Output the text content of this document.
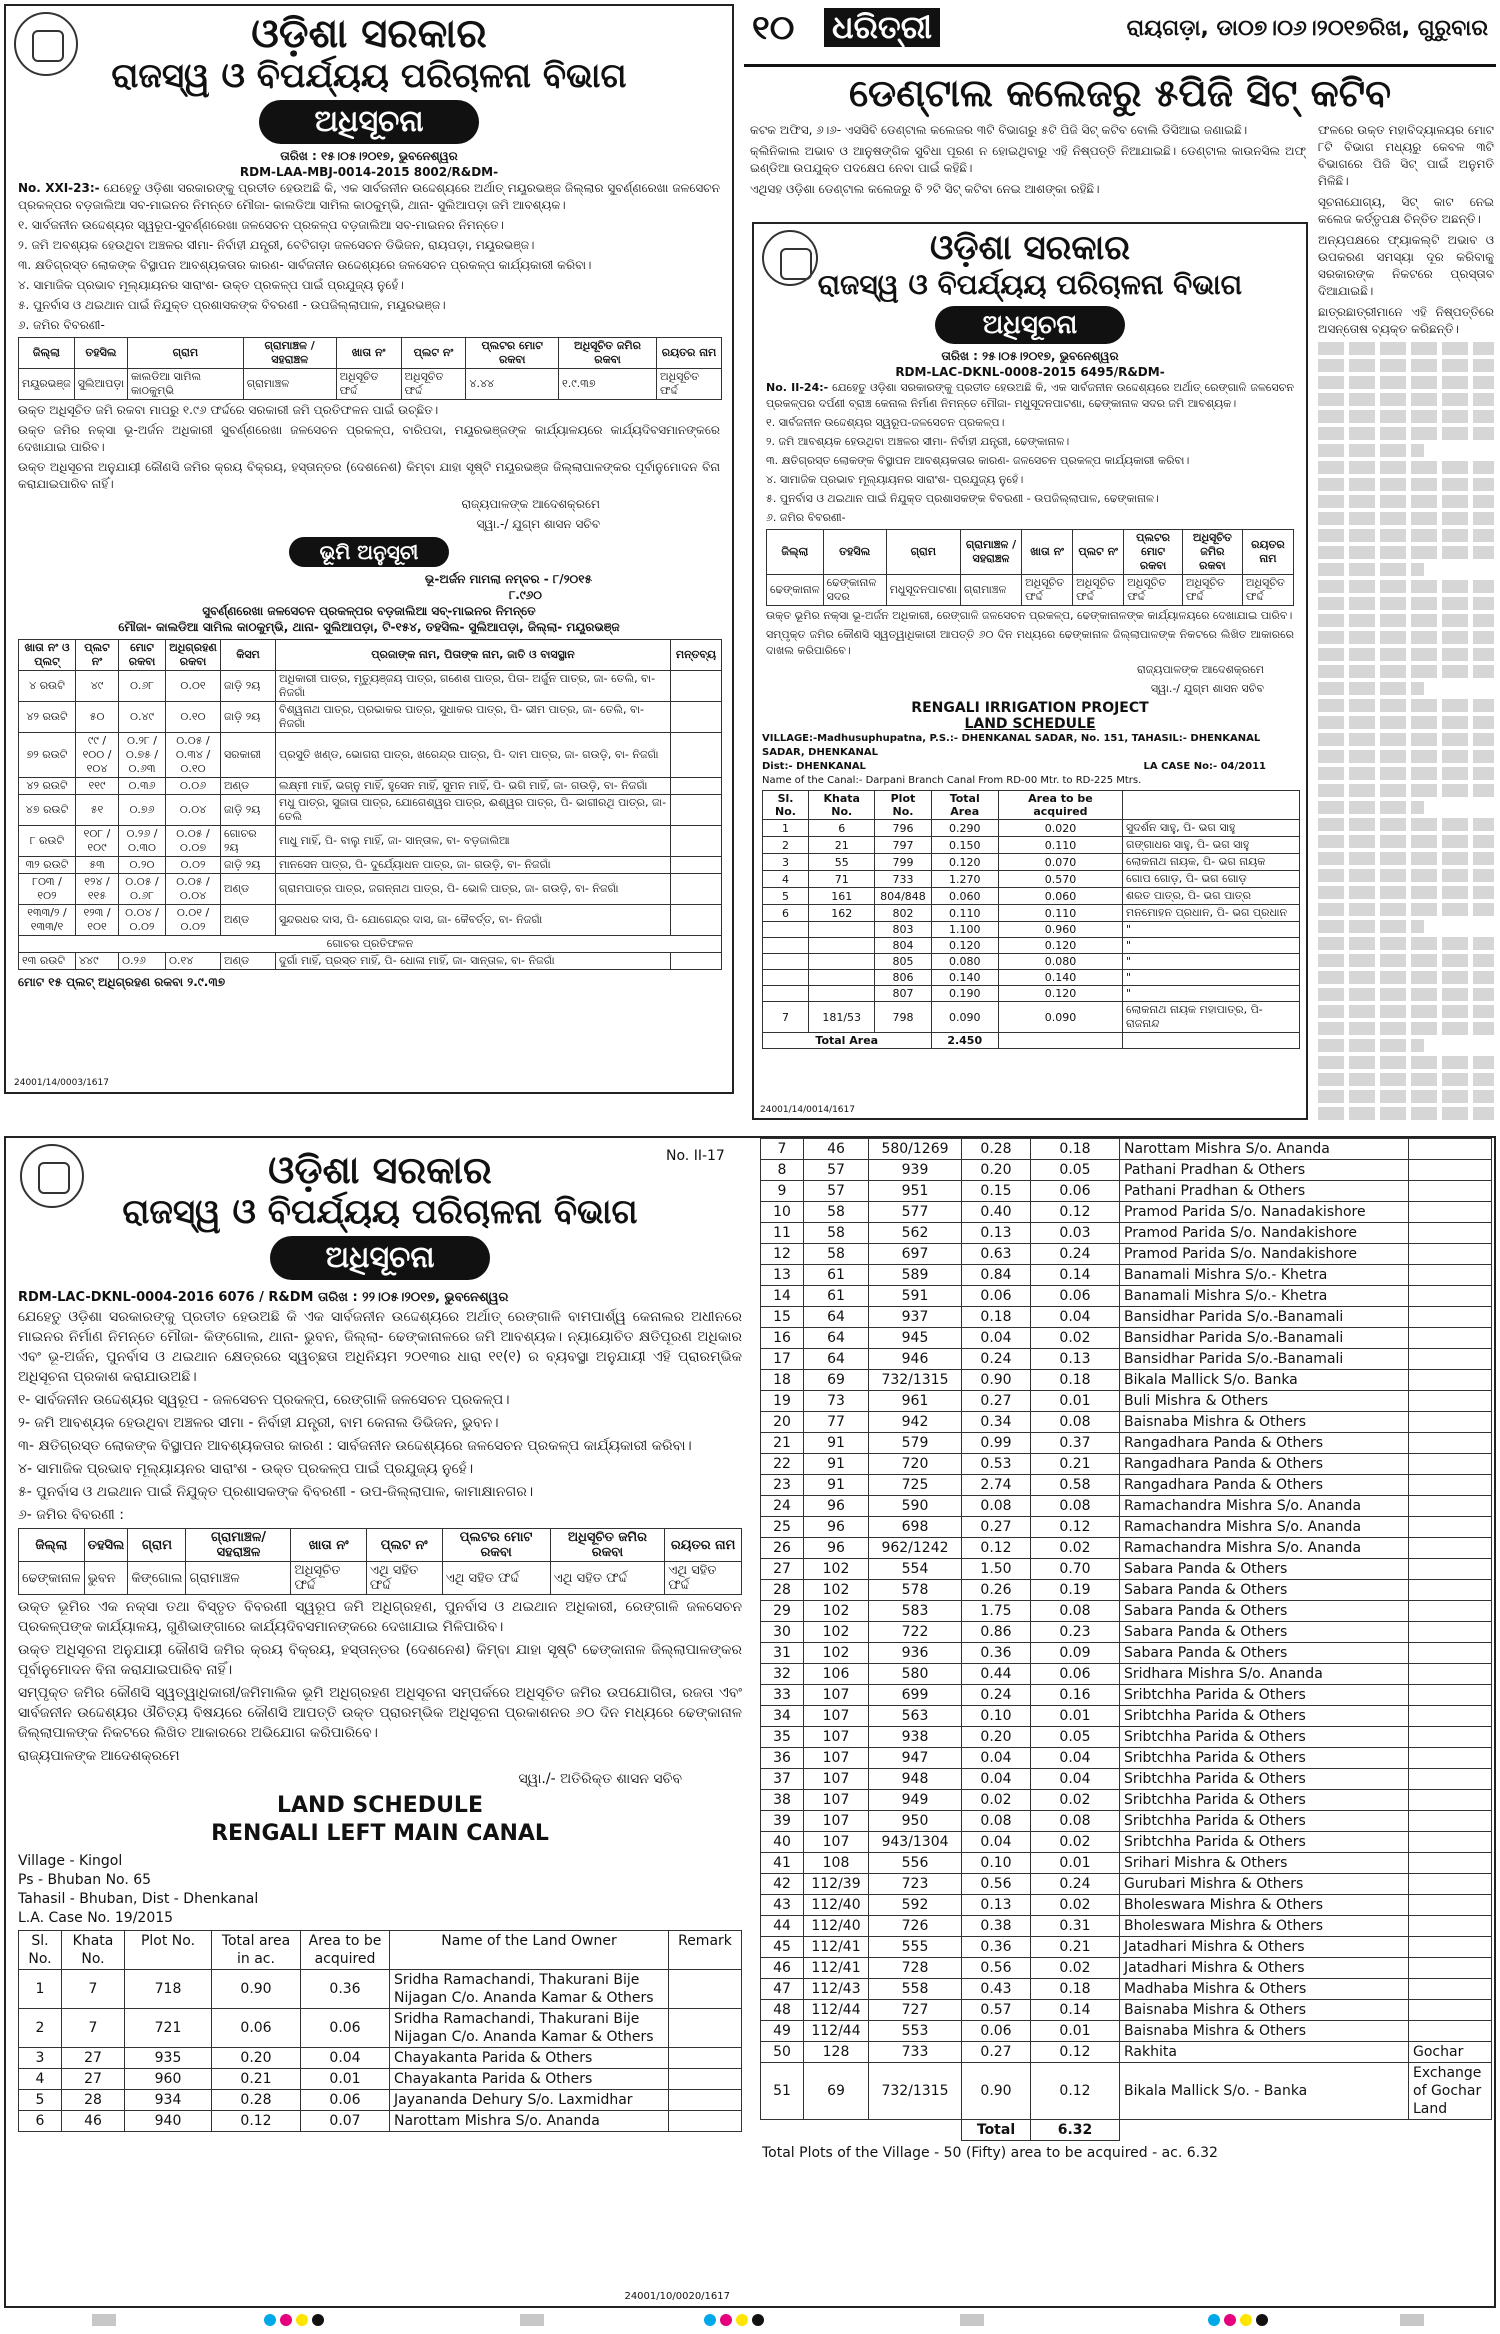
ଓଡ଼ିଶା ସରକାର
ରାଜସ୍ୱ ଓ ବିପର୍ଯ୍ୟୟ ପରିଚାଳନା ବିଭାଗ
ଅଧିସୂଚନା
ତାରିଖ : ୧୫।୦୫।୨୦୧୭, ଭୁବନେଶ୍ୱର
RDM-LAA-MBJ-0014-2015 8002/R&DM-

No. XXI-23:- ଯେହେତୁ ଓଡ଼ିଶା ସରକାରଙ୍କୁ ପ୍ରତୀତ ହେଉଅଛି କି, ଏକ ସାର୍ବଜନୀନ ଉଦ୍ଦେଶ୍ୟରେ ଅର୍ଥାତ୍ ମୟୂରଭଞ୍ଜ ଜିଲ୍ଲାର ସୁବର୍ଣ୍ଣରେଖା ଜଳସେଚନ ପ୍ରକଳ୍ପର ବଡ଼ଜାଲିଆ ସବ-ମାଇନର ନିମନ୍ତେ ମୌଜା- କାଲଡିଆ ସାମିଲ କାଠକୁମ୍ଭି, ଥାନା- ସୁଲିଆପଡ଼ା ଜମି ଆବଶ୍ୟକ।

୧. ସାର୍ବଜନୀନ ଉଦ୍ଦେଶ୍ୟର ସ୍ୱରୂପ-ସୁବର୍ଣ୍ଣରେଖା ଜଳସେଚନ ପ୍ରକଳ୍ପ ବଡ଼ଜାଲିଆ ସବ-ମାଇନର ନିମନ୍ତେ।

୨. ଜମି ଅବଶ୍ୟକ ହେଉଥିବା ଅଞ୍ଚଳର ସୀମା- ନିର୍ବାହୀ ଯନ୍ତ୍ରୀ, ବେଟିଗଡ଼ା ଜଳସେଚନ ଡିଭିଜନ, ରାୟପଡ଼ା, ମୟୂରଭଞ୍ଜ।

୩. କ୍ଷତିଗ୍ରସ୍ତ ଲୋକଙ୍କ ବିସ୍ଥାପନ ଆବଶ୍ୟକତାର କାରଣ- ସାର୍ବଜନୀନ ଉଦ୍ଦେଶ୍ୟରେ ଜଳସେଚନ ପ୍ରକଳ୍ପ କାର୍ଯ୍ୟକାରୀ କରିବା।

୪. ସାମାଜିକ ପ୍ରଭାବ ମୂଲ୍ୟାୟନର ସାରାଂଶ- ଉକ୍ତ ପ୍ରକଳ୍ପ ପାଇଁ ପ୍ରଯୁଜ୍ୟ ନୁହେଁ।

୫. ପୁନର୍ବାସ ଓ ଥଇଥାନ ପାଇଁ ନିଯୁକ୍ତ ପ୍ରଶାସକଙ୍କ ବିବରଣୀ - ଉପଜିଲ୍ଲାପାଳ, ମୟୂରଭଞ୍ଜ।

୬. ଜମିର ବିବରଣୀ-

ଜିଲ୍ଲା	ତହସିଲ	ଗ୍ରାମ	ଗ୍ରାମାଞ୍ଚଳ / ସହରାଞ୍ଚଳ	ଖାତା ନଂ	ପ୍ଲଟ ନଂ	ପ୍ଲଟର ମୋଟ ରକବା	ଅଧିସୂଚିତ ଜମିର ରକବା	ରୟତର ନାମ
ମୟୂରଭଞ୍ଜ	ସୁଲିଆପଡ଼ା	କାଲଡିଆ ସାମିଲ କାଠକୁମ୍ଭି	ଗ୍ରାମାଞ୍ଚଳ	ଅଧିସୂଚିତ ଫର୍ଦ୍ଦ	ଅଧିସୂଚିତ ଫର୍ଦ୍ଦ	୪.୪୪	୧.୯.୩୭	ଅଧିସୂଚିତ ଫର୍ଦ୍ଦ

ଉକ୍ତ ଅଧିସୂଚିତ ଜମି ରକବା ମାପରୁ ୧.୯୬ ଫର୍ଦ୍ଦରେ ସରକାରୀ ଜମି ପ୍ରତିଫଳନ ପାଇଁ ଉଚ୍ଛିତ।

ଉକ୍ତ ଜମିର ନକ୍ସା ଭୂ-ଅର୍ଜନ ଅଧିକାରୀ ସୁବର୍ଣ୍ଣରେଖା ଜଳସେଚନ ପ୍ରକଳ୍ପ, ବାରିପଦା, ମୟୂରଭଞ୍ଜଙ୍କ କାର୍ଯ୍ୟାଳୟରେ କାର୍ଯ୍ୟଦିବସମାନଙ୍କରେ ଦେଖାଯାଇ ପାରିବ।

ଉକ୍ତ ଅଧିସୂଚନା ଅନୁଯାୟୀ କୌଣସି ଜମିର କ୍ରୟ ବିକ୍ରୟ, ହସ୍ତାନ୍ତର (ଦେଶନେଶ) କିମ୍ବା ଯାହା ସୃଷ୍ଟି ମୟୂରଭଞ୍ଜ ଜିଲ୍ଲାପାଳଙ୍କର ପୂର୍ବାନୁମୋଦନ ବିନା କରାଯାଇପାରିବ ନାହିଁ।

ରାଜ୍ୟପାଳଙ୍କ ଆଦେଶକ୍ରମେ

ସ୍ୱା.-/ ଯୁଗ୍ମ ଶାସନ ସଚିବ

ଭୂମି ଅନୁସୂଚୀ
ଭୂ-ଅର୍ଜନ ମାମଲା ନମ୍ବର - ୮/୨୦୧୫
୮.୯୬୦
ସୁବର୍ଣ୍ଣରେଖା ଜଳସେଚନ ପ୍ରକଳ୍ପର ବଡ଼ଜାଲିଆ ସବ୍-ମାଇନର ନିମନ୍ତେ
ମୌଜା- କାଲଡିଆ ସାମିଲ କାଠକୁମ୍ଭି, ଥାନା- ସୁଲିଆପଡ଼ା, ଟି-୧୫୪, ତହସିଲ- ସୁଲିଆପଡ଼ା, ଜିଲ୍ଲା- ମୟୂରଭଞ୍ଜ
ଖାତା ନଂ ଓ ପ୍ଲଟ୍	ପ୍ଲଟ ନଂ	ମୋଟ ରକବା	ଅଧିଗ୍ରହଣ ରକବା	କିସମ	ପ୍ରଜାଙ୍କ ନାମ, ପିତାଙ୍କ ନାମ, ଜାତି ଓ ବାସସ୍ଥାନ	ମନ୍ତବ୍ୟ
୪ ରଉଟି	୪୯	୦.୬୮	୦.୦୧	ଜାଡ଼ି ୨ୟ	ଅଧିକାରୀ ପାତ୍ର, ମୃତ୍ୟୁଞ୍ଜୟ ପାତ୍ର, ଗଣେଶ ପାତ୍ର, ପିତା- ଅର୍ଜୁନ ପାତ୍ର, ଜା- ତେଲି, ବା- ନିଜଗାଁ	
୪୨ ରଉଟି	୫୦	୦.୪୯	୦.୧୦	ଜାଡ଼ି ୨ୟ	ବିଶ୍ୱନାଥ ପାତ୍ର, ପ୍ରଭାକର ପାତ୍ର, ସୁଧାକର ପାତ୍ର, ପି- ଭୀମ ପାତ୍ର, ଜା- ତେଲି, ବା- ନିଜଗାଁ	
୭୨ ରଉଟି	୯୯ / ୧୦୦ / ୧୦୪	୦.୨୮ / ୦.୭୫ / ୦.୬୩	୦.୦୫ / ୦.୩୪ / ୦.୧୦	ସରକାରୀ	ପ୍ରସୁତି ଖଣ୍ଡ, ଭୋଗରା ପାତ୍ର, ଖରେନ୍ଦ୍ର ପାତ୍ର, ପି- ଦାମ ପାତ୍ର, ଜା- ଗଉଡ଼ି, ବା- ନିଜଗାଁ	
୪୨ ରଉଟି	୧୧୯	୦.୩୬	୦.୦୬	ଅଣ୍ଡ	ଲକ୍ଷ୍ମୀ ମାହିଁ, ଭଗ୍ନୁ ମାହିଁ, ହୁସେନ ମାହିଁ, ସୁମନ ମାହିଁ, ପି- ଭଗି ମାହିଁ, ଜା- ଗଉଡ଼ି, ବା- ନିଜଗାଁ	
୪୭ ରଉଟି	୫୧	୦.୭୬	୦.୦୪	ଜାଡ଼ି ୨ୟ	ମଧୁ ପାତ୍ର, ସୁଜାତା ପାତ୍ର, ଯୋଗେଶ୍ୱର ପାତ୍ର, ଈଶ୍ୱର ପାତ୍ର, ପି- ଭାଗୀରଥି ପାତ୍ର, ଜା- ତେଲି	
୮ ରଉଟି	୧୦୮ / ୧୦୯	୦.୨୬ / ୦.୩୦	୦.୦୫ / ୦.୦୭	ଗୋଚର ୨ୟ	ମାଧୁ ମାହିଁ, ପି- ବାଲୁ ମାହିଁ, ଜା- ସାନ୍ତାଳ, ବା- ବଡ଼ଜାଲିଆ	
୩୨ ରଉଟି	୫୩	୦.୨୦	୦.୦୨	ଜାଡ଼ି ୨ୟ	ମାନସେନ ପାତ୍ର, ପି- ଦୁର୍ଯ୍ୟୋଧନ ପାତ୍ର, ଜା- ଗଉଡ଼ି, ବା- ନିଜଗାଁ	
୮୦୩ / ୧୦୨	୧୨୪ / ୧୧୫	୦.୦୫ / ୦.୬୮	୦.୦୫ / ୦.୦୪	ଅଣ୍ଡ	ଗ୍ରାମପାତ୍ର ପାତ୍ର, ଜଗନ୍ନାଥ ପାତ୍ର, ପି- ଭୋଳି ପାତ୍ର, ଜା- ଗଉଡ଼ି, ବା- ନିଜଗାଁ	
୧୩୩/୨ / ୧୩୩/୧	୧୨୩ / ୧୦୧	୦.୦୪ / ୦.୦୨	୦.୦୧ / ୦.୦୨	ଅଣ୍ଡ	ସୁନ୍ଦରଧର ଦାସ, ପି- ଯୋଗେନ୍ଦ୍ର ଦାସ, ଜା- କୈବର୍ତ୍ତ, ବା- ନିଜଗାଁ	
ଗୋଚର ପ୍ରତିଫଳନ						
୧୩ ରଉଟି	୪୪୯	୦.୨୬	୦.୧୪	ଅଣ୍ଡ	ଦୁର୍ଗା ମାହିଁ, ପ୍ରସ୍ତ ମାହିଁ, ପି- ଧୋଳା ମାହିଁ, ଜା- ସାନ୍ତାଳ, ବା- ନିଜଗାଁ	
ମୋଟ ୧୫ ପ୍ଲଟ୍ ଅଧିଗ୍ରହଣ ରକବା ୨.୯.୩୭
24001/14/0003/1617
୧୦ ଧରିତ୍ରୀ	ରାୟଗଡ଼ା, ଡା୦୭।୦୬।୨୦୧୭ରିଖ, ଗୁରୁବାର
ଡେଣ୍ଟାଲ କଲେଜରୁ ୫ପିଜି ସିଟ୍ କଟିବ

କଟକ ଅଫିସ, ୬।୬- ଏସସିବି ଡେଣ୍ଟାଲ କଲେଜର ୩ଟି ବିଭାଗରୁ ୫ଟି ପିଜି ସିଟ୍ କଟିବ ବୋଲି ଡିସିଆଇ ଜଣାଇଛି।

କ୍ଲିନିକାଲ ଅଭାବ ଓ ଆନୁଷଙ୍ଗିକ ସୁବିଧା ପୂରଣ ନ ହୋଇଥିବାରୁ ଏହି ନିଷ୍ପତ୍ତି ନିଆଯାଇଛି। ଡେଣ୍ଟାଲ କାଉନସିଲ ଅଫ୍ ଇଣ୍ଡିଆ ଉପଯୁକ୍ତ ପଦକ୍ଷେପ ନେବା ପାଇଁ କହିଛି।

ଏଥିସହ ଓଡ଼ିଶା ଡେଣ୍ଟାଲ କଲେଜରୁ ବି ୨ଟି ସିଟ୍ କଟିବା ନେଇ ଆଶଙ୍କା ରହିଛି।

ଫଳରେ ଉକ୍ତ ମହାବିଦ୍ୟାଳୟର ମୋଟ ୮ଟି ବିଭାଗ ମଧ୍ୟରୁ କେବଳ ୩ଟି ବିଭାଗରେ ପିଜି ସିଟ୍ ପାଇଁ ଅନୁମତି ମିଳିଛି।

ସୂଚନାଯୋଗ୍ୟ, ସିଟ୍ କାଟ ନେଇ କଲେଜ କର୍ତ୍ତୃପକ୍ଷ ଚିନ୍ତିତ ଅଛନ୍ତି।

ଅନ୍ୟପକ୍ଷରେ ଫ୍ୟାକଲ୍ଟି ଅଭାବ ଓ ଉପକରଣ ସମସ୍ୟା ଦୂର କରିବାକୁ ସରକାରଙ୍କ ନିକଟରେ ପ୍ରସ୍ତାବ ଦିଆଯାଇଛି।

ଛାତ୍ରଛାତ୍ରୀମାନେ ଏହି ନିଷ୍ପତ୍ତିରେ ଅସନ୍ତୋଷ ବ୍ୟକ୍ତ କରିଛନ୍ତି।

ଓଡ଼ିଶା ସରକାର
ରାଜସ୍ୱ ଓ ବିପର୍ଯ୍ୟୟ ପରିଚାଳନା ବିଭାଗ
ଅଧିସୂଚନା
ତାରିଖ : ୨୫।୦୫।୨୦୧୭, ଭୁବନେଶ୍ୱର
RDM-LAC-DKNL-0008-2015 6495/R&DM-

No. II-24:- ଯେହେତୁ ଓଡ଼ିଶା ସରକାରଙ୍କୁ ପ୍ରତୀତ ହେଉଅଛି କି, ଏକ ସାର୍ବଜନୀନ ଉଦ୍ଦେଶ୍ୟରେ ଅର୍ଥାତ୍ ରେଙ୍ଗାଳି ଜଳସେଚନ ପ୍ରକଳ୍ପର ଦର୍ପଣୀ ବ୍ରାଞ୍ଚ କେନାଲ ନିର୍ମାଣ ନିମନ୍ତେ ମୌଜା- ମଧୁସୂଦନପାଟଣା, ଢେଙ୍କାନାଳ ସଦର ଜମି ଆବଶ୍ୟକ।

୧. ସାର୍ବଜନୀନ ଉଦ୍ଦେଶ୍ୟର ସ୍ୱରୂପ-ଜଳସେଚନ ପ୍ରକଳ୍ପ।

୨. ଜମି ଆବଶ୍ୟକ ହେଉଥିବା ଅଞ୍ଚଳର ସୀମା- ନିର୍ବାହୀ ଯନ୍ତ୍ରୀ, ଢେଙ୍କାନାଳ।

୩. କ୍ଷତିଗ୍ରସ୍ତ ଲୋକଙ୍କ ବିସ୍ଥାପନ ଆବଶ୍ୟକତାର କାରଣ- ଜଳସେଚନ ପ୍ରକଳ୍ପ କାର୍ଯ୍ୟକାରୀ କରିବା।

୪. ସାମାଜିକ ପ୍ରଭାବ ମୂଲ୍ୟାୟନର ସାରାଂଶ- ପ୍ରଯୁଜ୍ୟ ନୁହେଁ।

୫. ପୁନର୍ବାସ ଓ ଥଇଥାନ ପାଇଁ ନିଯୁକ୍ତ ପ୍ରଶାସକଙ୍କ ବିବରଣୀ - ଉପଜିଲ୍ଲାପାଳ, ଢେଙ୍କାନାଳ।

୬. ଜମିର ବିବରଣୀ-

ଜିଲ୍ଲା	ତହସିଲ	ଗ୍ରାମ	ଗ୍ରାମାଞ୍ଚଳ / ସହରାଞ୍ଚଳ	ଖାତା ନଂ	ପ୍ଲଟ ନଂ	ପ୍ଲଟର ମୋଟ ରକବା	ଅଧିସୂଚିତ ଜମିର ରକବା	ରୟତର ନାମ
ଢେଙ୍କାନାଳ	ଢେଙ୍କାନାଳ ସଦର	ମଧୁସୂଦନପାଟଣା	ଗ୍ରାମାଞ୍ଚଳ	ଅଧିସୂଚିତ ଫର୍ଦ୍ଦ	ଅଧିସୂଚିତ ଫର୍ଦ୍ଦ	ଅଧିସୂଚିତ ଫର୍ଦ୍ଦ	ଅଧିସୂଚିତ ଫର୍ଦ୍ଦ	ଅଧିସୂଚିତ ଫର୍ଦ୍ଦ

ଉକ୍ତ ଭୂମିର ନକ୍ସା ଭୂ-ଅର୍ଜନ ଅଧିକାରୀ, ରେଙ୍ଗାଳି ଜଳସେଚନ ପ୍ରକଳ୍ପ, ଢେଙ୍କାନାଳଙ୍କ କାର୍ଯ୍ୟାଳୟରେ ଦେଖାଯାଇ ପାରିବ।

ସମ୍ପୃକ୍ତ ଜମିର କୌଣସି ସ୍ୱତ୍ୱାଧିକାରୀ ଆପତ୍ତି ୬୦ ଦିନ ମଧ୍ୟରେ ଢେଙ୍କାନାଳ ଜିଲ୍ଲାପାଳଙ୍କ ନିକଟରେ ଲିଖିତ ଆକାରରେ ଦାଖଲ କରିପାରିବେ।

ରାଜ୍ୟପାଳଙ୍କ ଆଦେଶକ୍ରମେ

ସ୍ୱା.-/ ଯୁଗ୍ମ ଶାସନ ସଚିବ

RENGALI IRRIGATION PROJECT
LAND SCHEDULE
VILLAGE:-Madhusuphupatna, P.S.:- DHENKANAL SADAR, No. 151, TAHASIL:- DHENKANAL SADAR, DHENKANAL
Dist:- DHENKANAL	LA CASE No:- 04/2011
Name of the Canal:- Darpani Branch Canal From RD-00 Mtr. to RD-225 Mtrs.
Sl. No.	Khata No.	Plot No.	Total Area	Area to be acquired	
1	6	796	0.290	0.020	ସୁଦର୍ଶନ ସାହୁ, ପି- ଭଗ ସାହୁ
2	21	797	0.150	0.110	ଗଙ୍ଗାଧର ସାହୁ, ପି- ଭଗ ସାହୁ
3	55	799	0.120	0.070	ଲୋକନାଥ ନାୟକ, ପି- ଭଗ ନାୟକ
4	71	733	1.270	0.570	ଗୋପ ଗୋଡ଼, ପି- ଭଗ ଗୋଡ଼
5	161	804/848	0.060	0.060	ଶରତ ପାତ୍ର, ପି- ଭଗ ପାତ୍ର
6	162	802	0.110	0.110	ମନମୋହନ ପ୍ରଧାନ, ପି- ଭଗ ପ୍ରଧାନ
		803	1.100	0.960	"
		804	0.120	0.120	"
		805	0.080	0.080	"
		806	0.140	0.140	"
		807	0.190	0.120	"
7	181/53	798	0.090	0.090	ଲୋକନାଥ ନାୟକ ମହାପାତ୍ର, ପି- ରାଜନାନ୍ଦ
Total Area			2.450		
24001/14/0014/1617
No. II-17
ଓଡ଼ିଶା ସରକାର
ରାଜସ୍ୱ ଓ ବିପର୍ଯ୍ୟୟ ପରିଚାଳନା ବିଭାଗ
ଅଧିସୂଚନା
RDM-LAC-DKNL-0004-2016 6076 / R&DM ତାରିଖ : ୨୨।୦୫।୨୦୧୭, ଭୁବନେଶ୍ୱର

ଯେହେତୁ ଓଡ଼ିଶା ସରକାରଙ୍କୁ ପ୍ରତୀତ ହେଉଅଛି କି ଏକ ସାର୍ବଜନୀନ ଉଦ୍ଦେଶ୍ୟରେ ଅର୍ଥାତ୍ ରେଙ୍ଗାଳି ବାମପାର୍ଶ୍ୱ କେନାଲର ଅଧୀନରେ ମାଇନର ନିର୍ମାଣ ନିମନ୍ତେ ମୌଜା- କିଙ୍ଗୋଲ, ଥାନା- ଭୁବନ, ଜିଲ୍ଲା- ଢେଙ୍କାନାଳରେ ଜମି ଆବଶ୍ୟକ। ନ୍ୟାୟୋଚିତ କ୍ଷତିପୂରଣ ଅଧିକାର ଏବଂ ଭୂ-ଅର୍ଜନ, ପୁନର୍ବାସ ଓ ଥଇଥାନ କ୍ଷେତ୍ରରେ ସ୍ୱଚ୍ଛତା ଅଧିନିୟମ ୨୦୧୩ର ଧାରା ୧୧(୧) ର ବ୍ୟବସ୍ଥା ଅନୁଯାୟୀ ଏହି ପ୍ରାରମ୍ଭିକ ଅଧିସୂଚନା ପ୍ରକାଶ କରାଯାଉଅଛି।

୧- ସାର୍ବଜନୀନ ଉଦ୍ଦେଶ୍ୟର ସ୍ୱରୂପ - ଜଳସେଚନ ପ୍ରକଳ୍ପ, ରେଙ୍ଗାଳି ଜଳସେଚନ ପ୍ରକଳ୍ପ।

୨- ଜମି ଆବଶ୍ୟକ ହେଉଥିବା ଅଞ୍ଚଳର ସୀମା - ନିର୍ବାହୀ ଯନ୍ତ୍ରୀ, ବାମ କେନାଲ ଡିଭିଜନ, ଭୁବନ।

୩- କ୍ଷତିଗ୍ରସ୍ତ ଲୋକଙ୍କ ବିସ୍ଥାପନ ଆବଶ୍ୟକତାର କାରଣ : ସାର୍ବଜନୀନ ଉଦ୍ଦେଶ୍ୟରେ ଜଳସେଚନ ପ୍ରକଳ୍ପ କାର୍ଯ୍ୟକାରୀ କରିବା।

୪- ସାମାଜିକ ପ୍ରଭାବ ମୂଲ୍ୟାୟନର ସାରାଂଶ - ଉକ୍ତ ପ୍ରକଳ୍ପ ପାଇଁ ପ୍ରଯୁଜ୍ୟ ନୁହେଁ।

୫- ପୁନର୍ବାସ ଓ ଥଇଥାନ ପାଇଁ ନିଯୁକ୍ତ ପ୍ରଶାସକଙ୍କ ବିବରଣୀ - ଉପ-ଜିଲ୍ଲାପାଳ, କାମାକ୍ଷାନଗର।

୬- ଜମିର ବିବରଣୀ :

ଜିଲ୍ଲା	ତହସିଲ	ଗ୍ରାମ	ଗ୍ରାମାଞ୍ଚଳ/ ସହରାଞ୍ଚଳ	ଖାତା ନଂ	ପ୍ଲଟ ନଂ	ପ୍ଲଟର ମୋଟ ରକବା	ଅଧିସୂଚିତ ଜମିର ରକବା	ରୟତର ନାମ
ଢେଙ୍କାନାଳ	ଭୁବନ	କିଙ୍ଗୋଲ	ଗ୍ରାମାଞ୍ଚଳ	ଅଧିସୂଚିତ ଫର୍ଦ୍ଦ	ଏଥି ସହିତ ଫର୍ଦ୍ଦ	ଏଥି ସହିତ ଫର୍ଦ୍ଦ	ଏଥି ସହିତ ଫର୍ଦ୍ଦ	ଏଥି ସହିତ ଫର୍ଦ୍ଦ

ଉକ୍ତ ଭୂମିର ଏକ ନକ୍ସା ତଥା ବିସ୍ତୃତ ବିବରଣୀ ସ୍ୱରୂପ ଜମି ଅଧିଗ୍ରହଣ, ପୁନର୍ବାସ ଓ ଥଇଥାନ ଅଧିକାରୀ, ରେଙ୍ଗାଳି ଜଳସେଚନ ପ୍ରକଳ୍ପଙ୍କ କାର୍ଯ୍ୟାଳୟ, ଗୁଣିଭାଙ୍ଗାରେ କାର୍ଯ୍ୟଦିବସମାନଙ୍କରେ ଦେଖାଯାଇ ମିଳିପାରିବ।

ଉକ୍ତ ଅଧିସୂଚନା ଅନୁଯାୟୀ କୌଣସି ଜମିର କ୍ରୟ ବିକ୍ରୟ, ହସ୍ତାନ୍ତର (ଦେଶନେଶ) କିମ୍ବା ଯାହା ସୃଷ୍ଟି ଢେଙ୍କାନାଳ ଜିଲ୍ଲାପାଳଙ୍କର ପୂର୍ବାନୁମୋଦନ ବିନା କରାଯାଇପାରିବ ନାହିଁ।

ସମ୍ପୃକ୍ତ ଜମିର କୌଣସି ସ୍ୱତ୍ୱାଧିକାରୀ/ଜମିମାଲିକ ଭୂମି ଅଧିଗ୍ରହଣ ଅଧିସୂଚନା ସମ୍ପର୍କରେ ଅଧିସୂଚିତ ଜମିର ଉପଯୋଗିତା, ରଜତା ଏବଂ ସାର୍ବଜନୀନ ଉଦ୍ଦେଶ୍ୟର ଔଚିତ୍ୟ ବିଷୟରେ କୌଣସି ଆପତ୍ତି ଉକ୍ତ ପ୍ରାରମ୍ଭିକ ଅଧିସୂଚନା ପ୍ରକାଶନର ୬୦ ଦିନ ମଧ୍ୟରେ ଢେଙ୍କାନାଳ ଜିଲ୍ଲାପାଳଙ୍କ ନିକଟରେ ଲିଖିତ ଆକାରରେ ଅଭିଯୋଗ କରିପାରିବେ।

ରାଜ୍ୟପାଳଙ୍କ ଆଦେଶକ୍ରମେ

ସ୍ୱା./- ଅତିରିକ୍ତ ଶାସନ ସଚିବ

LAND SCHEDULE
RENGALI LEFT MAIN CANAL
Village - Kingol
Ps - Bhuban No. 65
Tahasil - Bhuban, Dist - Dhenkanal
L.A. Case No. 19/2015
Sl. No.	Khata No.	Plot No.	Total area in ac.	Area to be acquired	Name of the Land Owner	Remark
1	7	718	0.90	0.36	Sridha Ramachandi, Thakurani Bije Nijagan C/o. Ananda Kamar & Others	
2	7	721	0.06	0.06	Sridha Ramachandi, Thakurani Bije Nijagan C/o. Ananda Kamar & Others	
3	27	935	0.20	0.04	Chayakanta Parida & Others	
4	27	960	0.21	0.01	Chayakanta Parida & Others	
5	28	934	0.28	0.06	Jayananda Dehury S/o. Laxmidhar	
6	46	940	0.12	0.07	Narottam Mishra S/o. Ananda	
24001/10/0020/1617
7	46	580/1269	0.28	0.18	Narottam Mishra S/o. Ananda	
8	57	939	0.20	0.05	Pathani Pradhan & Others	
9	57	951	0.15	0.06	Pathani Pradhan & Others	
10	58	577	0.40	0.12	Pramod Parida S/o. Nanadakishore	
11	58	562	0.13	0.03	Pramod Parida S/o. Nandakishore	
12	58	697	0.63	0.24	Pramod Parida S/o. Nandakishore	
13	61	589	0.84	0.14	Banamali Mishra S/o.- Khetra	
14	61	591	0.06	0.06	Banamali Mishra S/o.- Khetra	
15	64	937	0.18	0.04	Bansidhar Parida S/o.-Banamali	
16	64	945	0.04	0.02	Bansidhar Parida S/o.-Banamali	
17	64	946	0.24	0.13	Bansidhar Parida S/o.-Banamali	
18	69	732/1315	0.90	0.18	Bikala Mallick S/o. Banka	
19	73	961	0.27	0.01	Buli Mishra & Others	
20	77	942	0.34	0.08	Baisnaba Mishra & Others	
21	91	579	0.99	0.37	Rangadhara Panda & Others	
22	91	720	0.53	0.21	Rangadhara Panda & Others	
23	91	725	2.74	0.58	Rangadhara Panda & Others	
24	96	590	0.08	0.08	Ramachandra Mishra S/o. Ananda	
25	96	698	0.27	0.12	Ramachandra Mishra S/o. Ananda	
26	96	962/1242	0.12	0.02	Ramachandra Mishra S/o. Ananda	
27	102	554	1.50	0.70	Sabara Panda & Others	
28	102	578	0.26	0.19	Sabara Panda & Others	
29	102	583	1.75	0.08	Sabara Panda & Others	
30	102	722	0.86	0.23	Sabara Panda & Others	
31	102	936	0.36	0.09	Sabara Panda & Others	
32	106	580	0.44	0.06	Sridhara Mishra S/o. Ananda	
33	107	699	0.24	0.16	Sribtchha Parida & Others	
34	107	563	0.10	0.01	Sribtchha Parida & Others	
35	107	938	0.20	0.05	Sribtchha Parida & Others	
36	107	947	0.04	0.04	Sribtchha Parida & Others	
37	107	948	0.04	0.04	Sribtchha Parida & Others	
38	107	949	0.02	0.02	Sribtchha Parida & Others	
39	107	950	0.08	0.08	Sribtchha Parida & Others	
40	107	943/1304	0.04	0.02	Sribtchha Parida & Others	
41	108	556	0.10	0.01	Srihari Mishra & Others	
42	112/39	723	0.56	0.24	Gurubari Mishra & Others	
43	112/40	592	0.13	0.02	Bholeswara Mishra & Others	
44	112/40	726	0.38	0.31	Bholeswara Mishra & Others	
45	112/41	555	0.36	0.21	Jatadhari Mishra & Others	
46	112/41	728	0.56	0.02	Jatadhari Mishra & Others	
47	112/43	558	0.43	0.18	Madhaba Mishra & Others	
48	112/44	727	0.57	0.14	Baisnaba Mishra & Others	
49	112/44	553	0.06	0.01	Baisnaba Mishra & Others	
50	128	733	0.27	0.12	Rakhita	Gochar
51	69	732/1315	0.90	0.12	Bikala Mallick S/o. - Banka	Exchange of Gochar Land
			Total	6.32		
Total Plots of the Village - 50 (Fifty) area to be acquired - ac. 6.32
